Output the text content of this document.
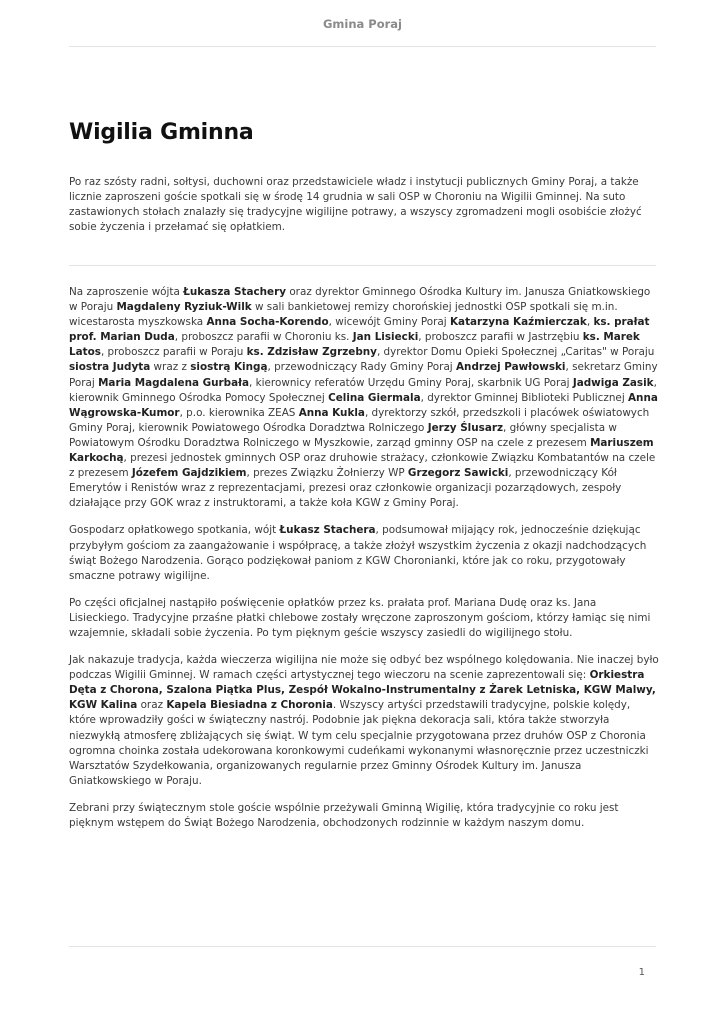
Gmina Poraj
Wigilia Gminna

Po raz szósty radni, sołtysi, duchowni oraz przedstawiciele władz i instytucji publicznych Gminy Poraj, a także licznie zaproszeni goście spotkali się w środę 14 grudnia w sali OSP w Choroniu na Wigilii Gminnej. Na suto zastawionych stołach znalazły się tradycyjne wigilijne potrawy, a wszyscy zgromadzeni mogli osobiście złożyć sobie życzenia i przełamać się opłatkiem.

Na zaproszenie wójta Łukasza Stachery oraz dyrektor Gminnego Ośrodka Kultury im. Janusza Gniatkowskiego w Poraju Magdaleny Ryziuk-Wilk w sali bankietowej remizy chorońskiej jednostki OSP spotkali się m.in. wicestarosta myszkowska Anna Socha-Korendo, wicewójt Gminy Poraj Katarzyna Kaźmierczak, ks. prałat prof. Marian Duda, proboszcz parafii w Choroniu ks. Jan Lisiecki, proboszcz parafii w Jastrzębiu ks. Marek Latos, proboszcz parafii w Poraju ks. Zdzisław Zgrzebny, dyrektor Domu Opieki Społecznej „Caritas" w Poraju siostra Judyta wraz z siostrą Kingą, przewodniczący Rady Gminy Poraj Andrzej Pawłowski, sekretarz Gminy Poraj Maria Magdalena Gurbała, kierownicy referatów Urzędu Gminy Poraj, skarbnik UG Poraj Jadwiga Zasik, kierownik Gminnego Ośrodka Pomocy Społecznej Celina Giermala, dyrektor Gminnej Biblioteki Publicznej Anna Wągrowska-Kumor, p.o. kierownika ZEAS Anna Kukla, dyrektorzy szkół, przedszkoli i placówek oświatowych Gminy Poraj, kierownik Powiatowego Ośrodka Doradztwa Rolniczego Jerzy Ślusarz, główny specjalista w Powiatowym Ośrodku Doradztwa Rolniczego w Myszkowie, zarząd gminny OSP na czele z prezesem Mariuszem Karkochą, prezesi jednostek gminnych OSP oraz druhowie strażacy, członkowie Związku Kombatantów na czele z prezesem Józefem Gajdzikiem, prezes Związku Żołnierzy WP Grzegorz Sawicki, przewodniczący Kół Emerytów i Renistów wraz z reprezentacjami, prezesi oraz członkowie organizacji pozarządowych, zespoły działające przy GOK wraz z instruktorami, a także koła KGW z Gminy Poraj.

Gospodarz opłatkowego spotkania, wójt Łukasz Stachera, podsumował mijający rok, jednocześnie dziękując przybyłym gościom za zaangażowanie i współpracę, a także złożył wszystkim życzenia z okazji nadchodzących świąt Bożego Narodzenia. Gorąco podziękował paniom z KGW Choronianki, które jak co roku, przygotowały smaczne potrawy wigilijne.

Po części oficjalnej nastąpiło poświęcenie opłatków przez ks. prałata prof. Mariana Dudę oraz ks. Jana Lisieckiego. Tradycyjne przaśne płatki chlebowe zostały wręczone zaproszonym gościom, którzy łamiąc się nimi wzajemnie, składali sobie życzenia. Po tym pięknym geście wszyscy zasiedli do wigilijnego stołu.

Jak nakazuje tradycja, każda wieczerza wigilijna nie może się odbyć bez wspólnego kolędowania. Nie inaczej było podczas Wigilii Gminnej. W ramach części artystycznej tego wieczoru na scenie zaprezentowali się: Orkiestra Dęta z Chorona, Szalona Piątka Plus, Zespół Wokalno-Instrumentalny z Żarek Letniska, KGW Malwy, KGW Kalina oraz Kapela Biesiadna z Choronia. Wszyscy artyści przedstawili tradycyjne, polskie kolędy, które wprowadziły gości w świąteczny nastrój. Podobnie jak piękna dekoracja sali, która także stworzyła niezwykłą atmosferę zbliżających się świąt. W tym celu specjalnie przygotowana przez druhów OSP z Choronia ogromna choinka została udekorowana koronkowymi cudeńkami wykonanymi własnoręcznie przez uczestniczki Warsztatów Szydełkowania, organizowanych regularnie przez Gminny Ośrodek Kultury im. Janusza Gniatkowskiego w Poraju.

Zebrani przy świątecznym stole goście wspólnie przeżywali Gminną Wigilię, która tradycyjnie co roku jest pięknym wstępem do Świąt Bożego Narodzenia, obchodzonych rodzinnie w każdym naszym domu.

1
